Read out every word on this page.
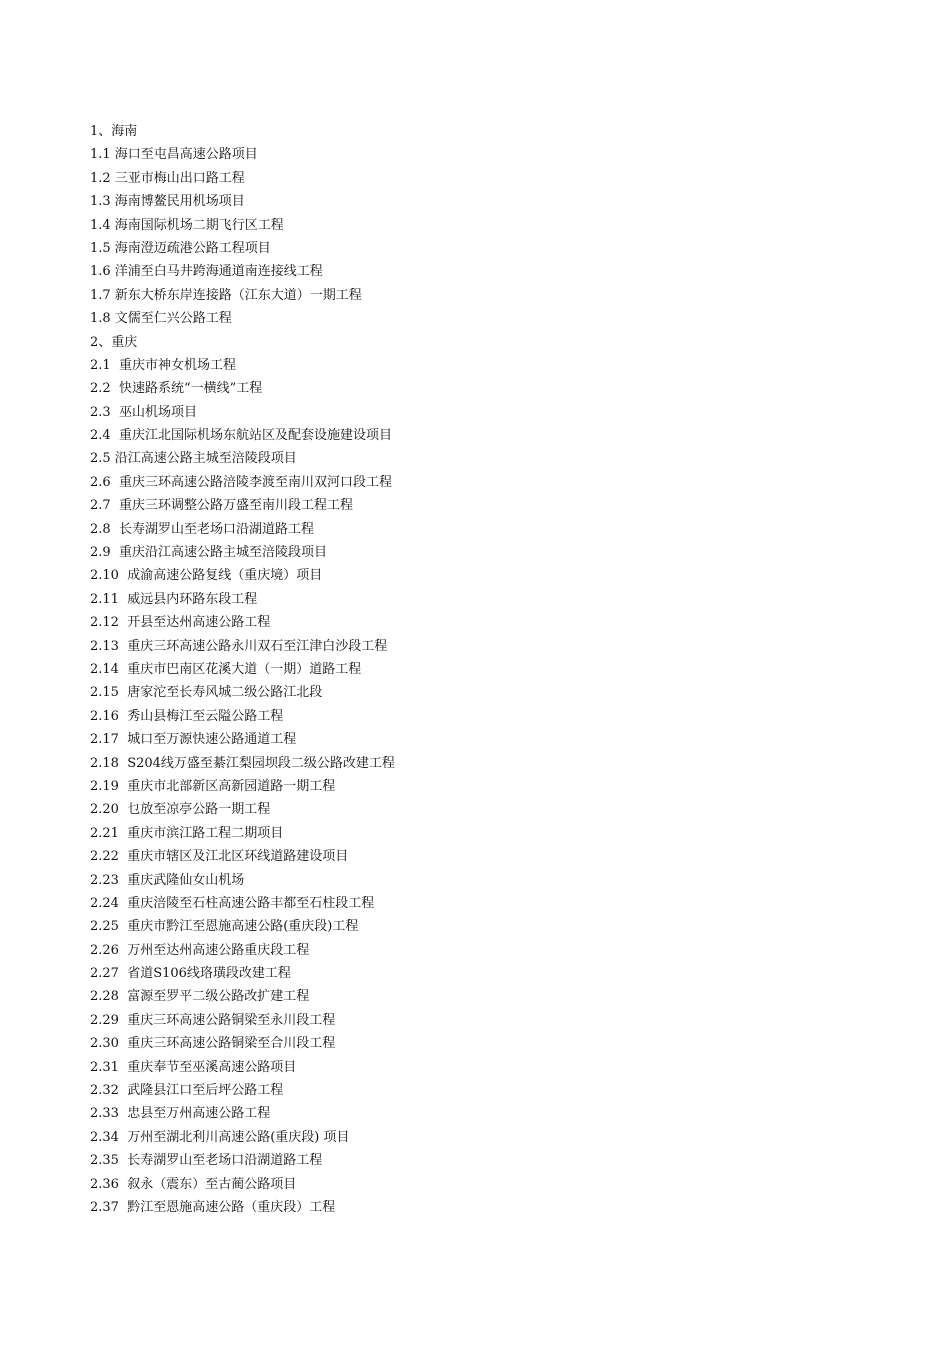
1、海南
1.1 海口至屯昌高速公路项目
1.2 三亚市梅山出口路工程
1.3 海南博鳌民用机场项目
1.4 海南国际机场二期飞行区工程
1.5 海南澄迈疏港公路工程项目
1.6 洋浦至白马井跨海通道南连接线工程
1.7 新东大桥东岸连接路（江东大道）一期工程
1.8 文儒至仁兴公路工程
2、重庆
2.1  重庆市神女机场工程
2.2  快速路系统“一横线”工程
2.3  巫山机场项目
2.4  重庆江北国际机场东航站区及配套设施建设项目
2.5 沿江高速公路主城至涪陵段项目
2.6  重庆三环高速公路涪陵李渡至南川双河口段工程
2.7  重庆三环调整公路万盛至南川段工程工程
2.8  长寿湖罗山至老场口沿湖道路工程
2.9  重庆沿江高速公路主城至涪陵段项目
2.10  成渝高速公路复线（重庆境）项目
2.11  威远县内环路东段工程
2.12  开县至达州高速公路工程
2.13  重庆三环高速公路永川双石至江津白沙段工程
2.14  重庆市巴南区花溪大道（一期）道路工程
2.15  唐家沱至长寿风城二级公路江北段
2.16  秀山县梅江至云隘公路工程
2.17  城口至万源快速公路通道工程
2.18  S204线万盛至綦江梨园坝段二级公路改建工程
2.19  重庆市北部新区高新园道路一期工程
2.20  乜放至凉亭公路一期工程
2.21  重庆市滨江路工程二期项目
2.22  重庆市辖区及江北区环线道路建设项目
2.23  重庆武隆仙女山机场
2.24  重庆涪陵至石柱高速公路丰都至石柱段工程
2.25  重庆市黔江至恩施高速公路(重庆段)工程
2.26  万州至达州高速公路重庆段工程
2.27  省道S106线珞璜段改建工程
2.28  富源至罗平二级公路改扩建工程
2.29  重庆三环高速公路铜梁至永川段工程
2.30  重庆三环高速公路铜梁至合川段工程
2.31  重庆奉节至巫溪高速公路项目
2.32  武隆县江口至后坪公路工程
2.33  忠县至万州高速公路工程
2.34  万州至湖北利川高速公路(重庆段) 项目
2.35  长寿湖罗山至老场口沿湖道路工程
2.36  叙永（震东）至古蔺公路项目
2.37  黔江至恩施高速公路（重庆段）工程
